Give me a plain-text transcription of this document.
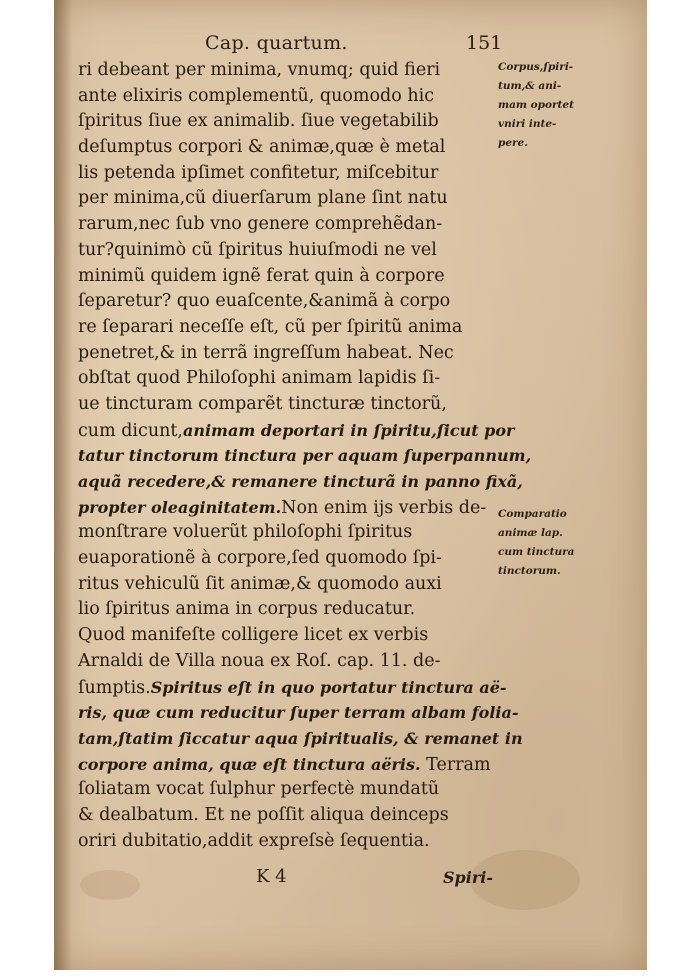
Cap. quartum.	151
ri debeant per minima, vnumq; quid fieri
ante elixiris complementũ, quomodo hic
ſpiritus ſiue ex animalib. ſiue vegetabilib
deſumptus corpori & animæ,quæ è metal
lis petenda ipſimet confitetur, miſcebitur
per minima,cũ diuerſarum plane ſint natu
rarum,nec ſub vno genere comprehẽdan-
tur?quinimò cũ ſpiritus huiuſmodi ne vel
minimũ quidem ignẽ ferat quin à corpore
ſeparetur? quo euaſcente,&animã à corpo
re ſeparari neceſſe eſt, cũ per ſpiritũ anima
penetret,& in terrã ingreſſum habeat. Nec
obſtat quod Philoſophi animam lapidis ſi-
ue tincturam comparẽt tincturæ tinctorũ,
cum dicunt,animam deportari in ſpiritu,ſicut por
tatur tinctorum tinctura per aquam ſuperpannum,
aquã recedere,& remanere tincturã in panno fixã,
propter oleaginitatem.Non enim ijs verbis de-
monſtrare voluerũt philoſophi ſpiritus
euaporationẽ à corpore,ſed quomodo ſpi-
ritus vehiculũ ſit animæ,& quomodo auxi
lio ſpiritus anima in corpus reducatur.
Quod manifeſte colligere licet ex verbis
Arnaldi de Villa noua ex Roſ. cap. 11. de-
ſumptis.Spiritus eſt in quo portatur tinctura aë-
ris, quæ cum reducitur ſuper terram albam folia-
tam,ſtatim ſiccatur aqua ſpiritualis, & remanet in
corpore anima, quæ eſt tinctura aëris. Terram
ſoliatam vocat ſulphur perfectè mundatũ
& dealbatum. Et ne poſſit aliqua deinceps
oriri dubitatio,addit expreſsè ſequentia.
Corpus,ſpiri-
tum,& ani-
mam oportet
vniri inte-
pere.
Comparatio
animæ lap.
cum tinctura
tinctorum.
K 4	Spiri-
